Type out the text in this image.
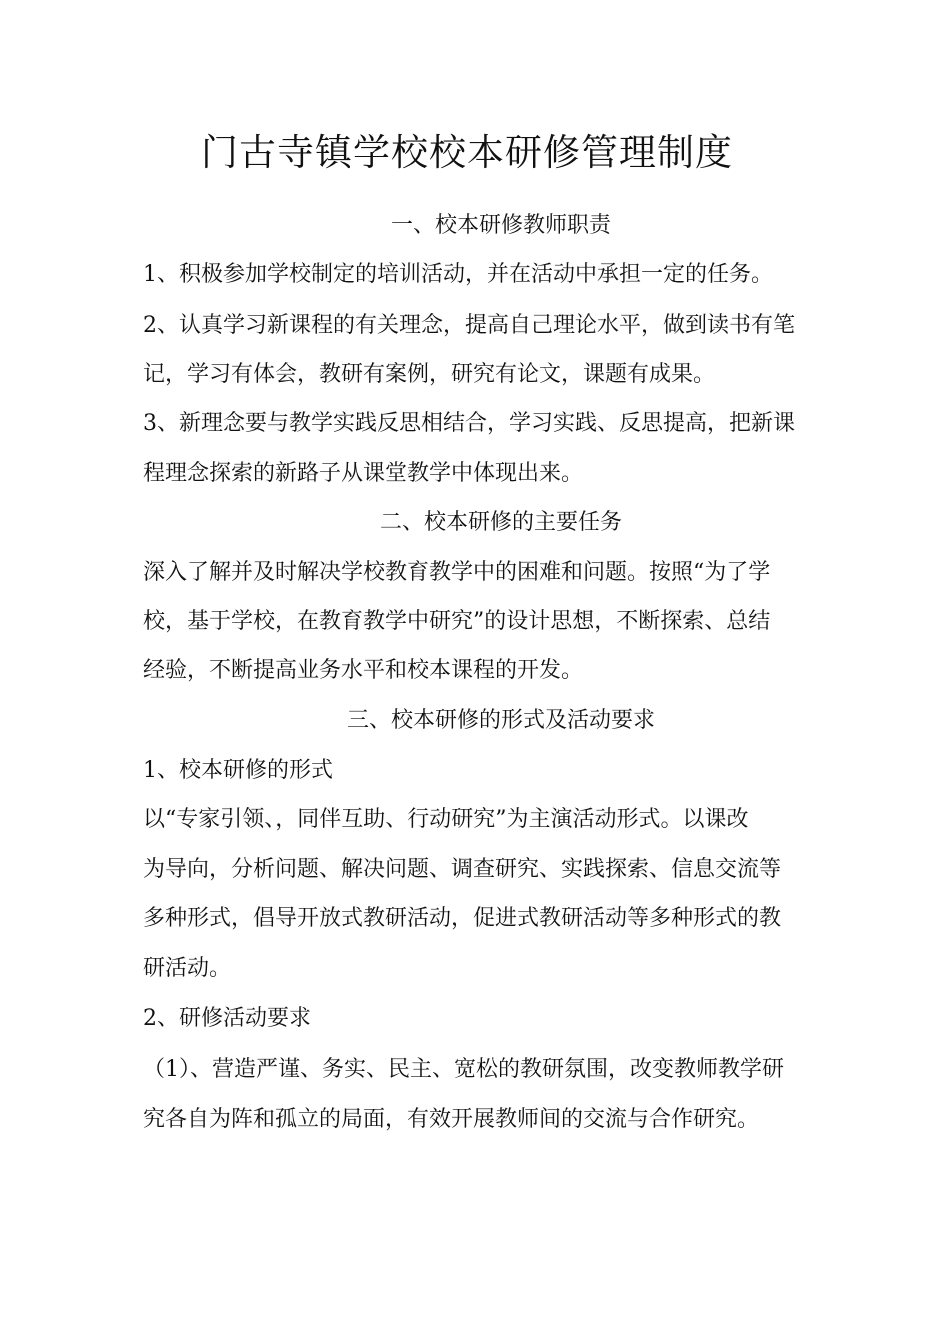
门古寺镇学校校本研修管理制度
一、校本研修教师职责
1、积极参加学校制定的培训活动，并在活动中承担一定的任务。
2、认真学习新课程的有关理念，提高自己理论水平，做到读书有笔
记，学习有体会，教研有案例，研究有论文，课题有成果。
3、新理念要与教学实践反思相结合，学习实践、反思提高，把新课
程理念探索的新路子从课堂教学中体现出来。
二、校本研修的主要任务
深入了解并及时解决学校教育教学中的困难和问题。按照“为了学
校，基于学校，在教育教学中研究”的设计思想，不断探索、总结
经验，不断提高业务水平和校本课程的开发。
三、校本研修的形式及活动要求
1、校本研修的形式
以“专家引领、，同伴互助、行动研究”为主演活动形式。以课改
为导向，分析问题、解决问题、调查研究、实践探索、信息交流等
多种形式，倡导开放式教研活动，促进式教研活动等多种形式的教
研活动。
2、研修活动要求
（1）、营造严谨、务实、民主、宽松的教研氛围，改变教师教学研
究各自为阵和孤立的局面，有效开展教师间的交流与合作研究。
